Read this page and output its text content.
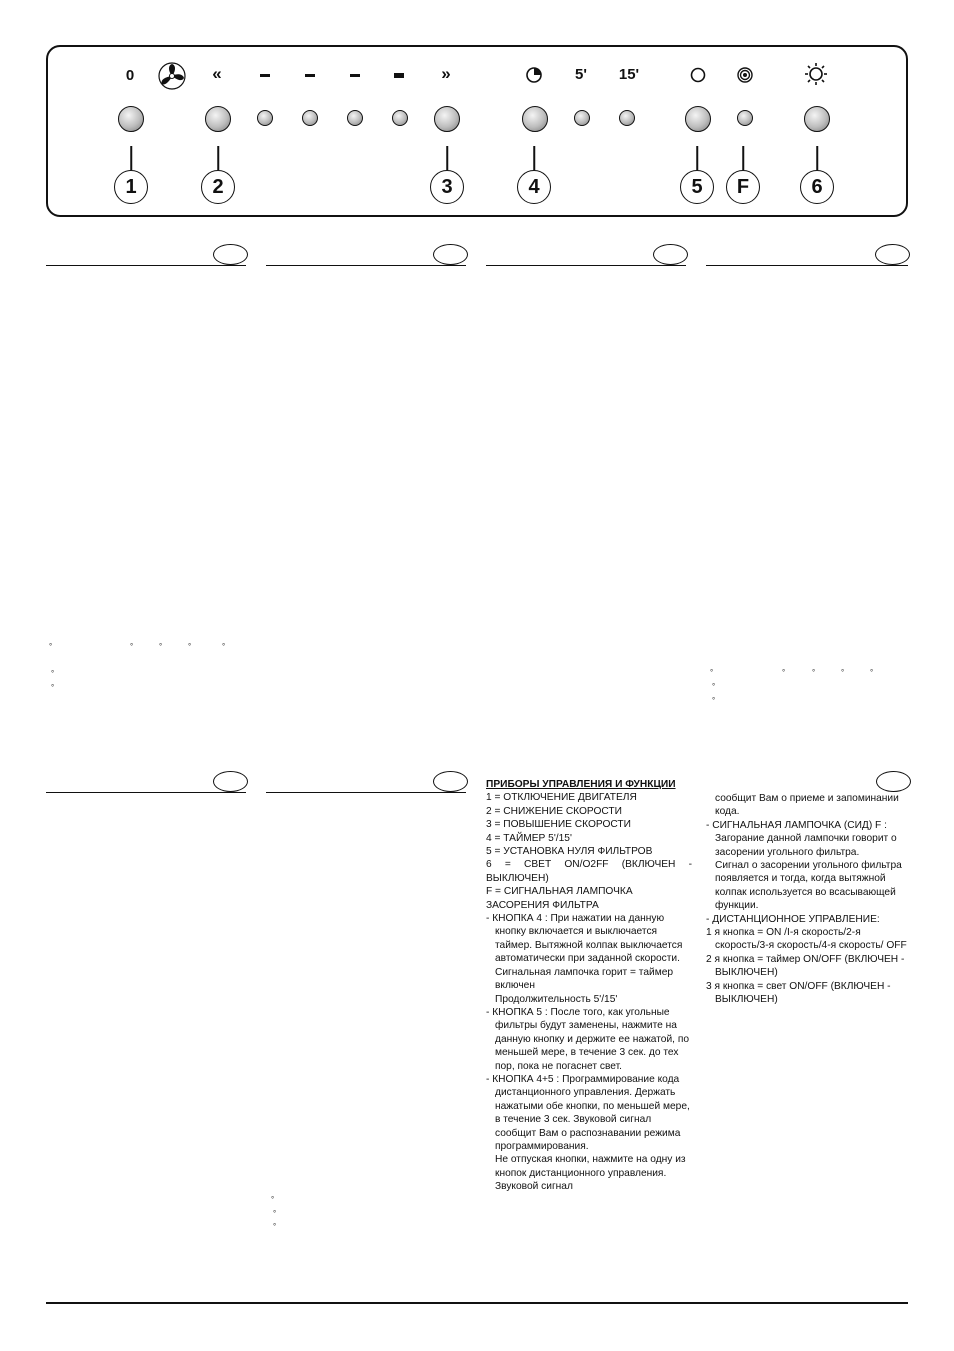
0	«	»	5' 15'
1	2	3	4	5	F	6
°	°	°	°	°
°
°
°	°	°	°	°
°
°
°
°
°
ПРИБОРЫ УПРАВЛЕНИЯ И ФУНКЦИИ
1 = ОТКЛЮЧЕНИЕ ДВИГАТЕЛЯ
2 = СНИЖЕНИЕ СКОРОСТИ
3 = ПОВЫШЕНИЕ СКОРОСТИ
4 = ТАЙМЕР 5'/15'
5 = УСТАНОВКА НУЛЯ ФИЛЬТРОВ
6 = СВЕТ ON/O2FF (ВКЛЮЧЕН - ВЫКЛЮЧЕН)
F = СИГНАЛЬНАЯ ЛАМПОЧКА ЗАСОРЕНИЯ ФИЛЬТРА
- КНОПКА 4 : При нажатии на данную кнопку включается и выключается таймер. Вытяжной колпак выключается автоматически при заданной скорости.
Сигнальная лампочка горит = таймер включен
Продолжительность 5'/15'
- КНОПКА 5 : После того, как угольные фильтры будут заменены, нажмите на данную кнопку и держите ее нажатой, по меньшей мере, в течение 3 сек. до тех пор, пока не погаснет свет.
- КНОПКА 4+5 : Программирование кода дистанционного управления. Держать нажатыми обе кнопки, по меньшей мере, в течение 3 сек. Звуковой сигнал сообщит Вам о распознавании режима программирования.
Не отпуская кнопки, нажмите на одну из кнопок дистанционного управления. Звуковой сигнал
сообщит Вам о приеме и запоминании кода.
- СИГНАЛЬНАЯ ЛАМПОЧКА (СИД) F : Загорание данной лампочки говорит о засорении угольного фильтра.
Сигнал о засорении угольного фильтра появляется и тогда, когда вытяжной колпак используется во всасывающей функции.
- ДИСТАНЦИОННОЕ УПРАВЛЕНИЕ:
1 я кнопка = ON /I-я скорость/2-я скорость/3-я скорость/4-я скорость/ OFF
2 я кнопка = таймер ON/OFF (ВКЛЮЧЕН - ВЫКЛЮЧЕН)
3 я кнопка = свет ON/OFF (ВКЛЮЧЕН - ВЫКЛЮЧЕН)
